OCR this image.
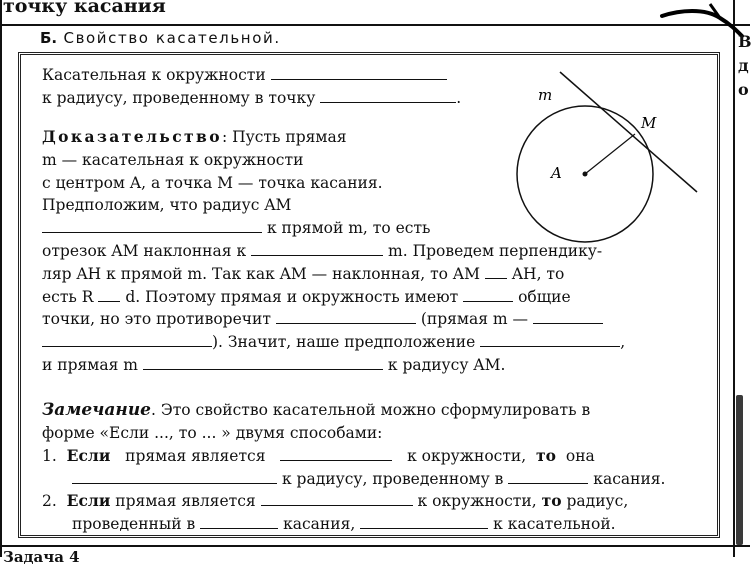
точку касания
В
д
о
Б. Свойство касательной.
Касательная к окружности
к радиусу, проведенному в точку	.
Доказательство: Пусть прямая
m — касательная к окружности
с центром A, а точка M — точка касания.
Предположим, что радиус AM
к прямой m, то есть
отрезок AM наклонная к	m. Проведем перпендику-
ляр AH к прямой m. Так как AM — наклонная, то AM AH, то
есть R d. Поэтому прямая и окружность имеют	общие
точки, но это противоречит	(прямая m —
). Значит, наше предположение	,
и прямая m	к радиусу AM.
Замечание. Это свойство касательной можно сформулировать в
форме «Если ..., то ... » двумя способами:
1. Если прямая является	к окружности, то она
к радиусу, проведенному в	касания.
2. Если прямая является	к окружности, то радиус,
проведенный в	касания,	к касательной.
m
M
A
Задача 4
